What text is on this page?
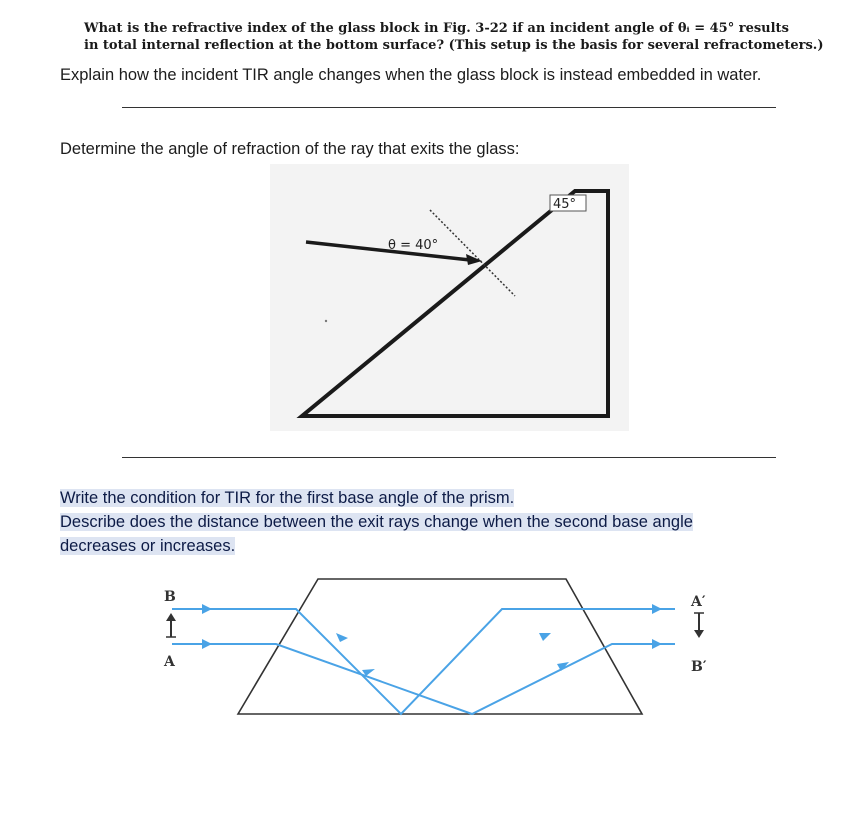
What is the refractive index of the glass block in Fig. 3-22 if an incident angle of θᵢ = 45° results
in total internal reflection at the bottom surface? (This setup is the basis for several refractometers.)
Explain how the incident TIR angle changes when the glass block is instead embedded in water.
Determine the angle of refraction of the ray that exits the glass:
45°
θ = 40°
Write the condition for TIR for the first base angle of the prism.
Describe does the distance between the exit rays change when the second base angle
decreases or increases.
B
A
A′
B′
